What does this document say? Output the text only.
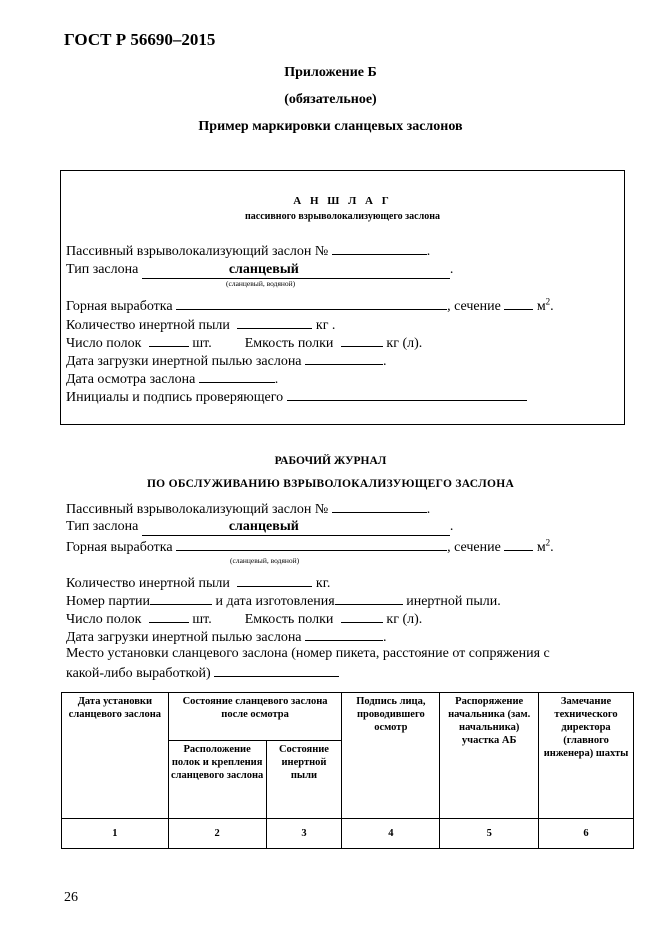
ГОСТ Р 56690–2015
Приложение Б
(обязательное)
Пример маркировки сланцевых заслонов
А Н Ш Л А Г
пассивного взрыволокализующего заслона
Пассивный взрыволокализующий заслон №	.
Тип заслона	сланцевый	.
(сланцевый, водяной)
Горная выработка	, сечение	$м^2$.
Количество инертной пыли	кг .
Число полок	шт. Емкость полки	кг (л).
Дата загрузки инертной пылью заслона	.
Дата осмотра заслона	.
Инициалы и подпись проверяющего
РАБОЧИЙ ЖУРНАЛ
ПО ОБСЛУЖИВАНИЮ ВЗРЫВОЛОКАЛИЗУЮЩЕГО ЗАСЛОНА
Пассивный взрыволокализующий заслон №	.
Тип заслона	сланцевый	.
Горная выработка	, сечение	$м^2$.
(сланцевый, водяной)
Количество инертной пыли	кг.
Номер партии	и дата изготовления	инертной пыли.
Число полок	шт. Емкость полки	кг (л).
Дата загрузки инертной пылью заслона	.
Место установки сланцевого заслона (номер пикета, расстояние от сопряжения с
какой-либо выработкой)
Дата установки сланцевого заслона	Состояние сланцевого заслона после осмотра		Подпись лица, проводившего осмотр	Распоряжение начальника (зам. начальника) участка АБ	Замечание технического директора (главного инженера) шахты
	Расположение полок и крепления сланцевого заслона	Состояние инертной пыли			
1	2	3	4	5	6
26
